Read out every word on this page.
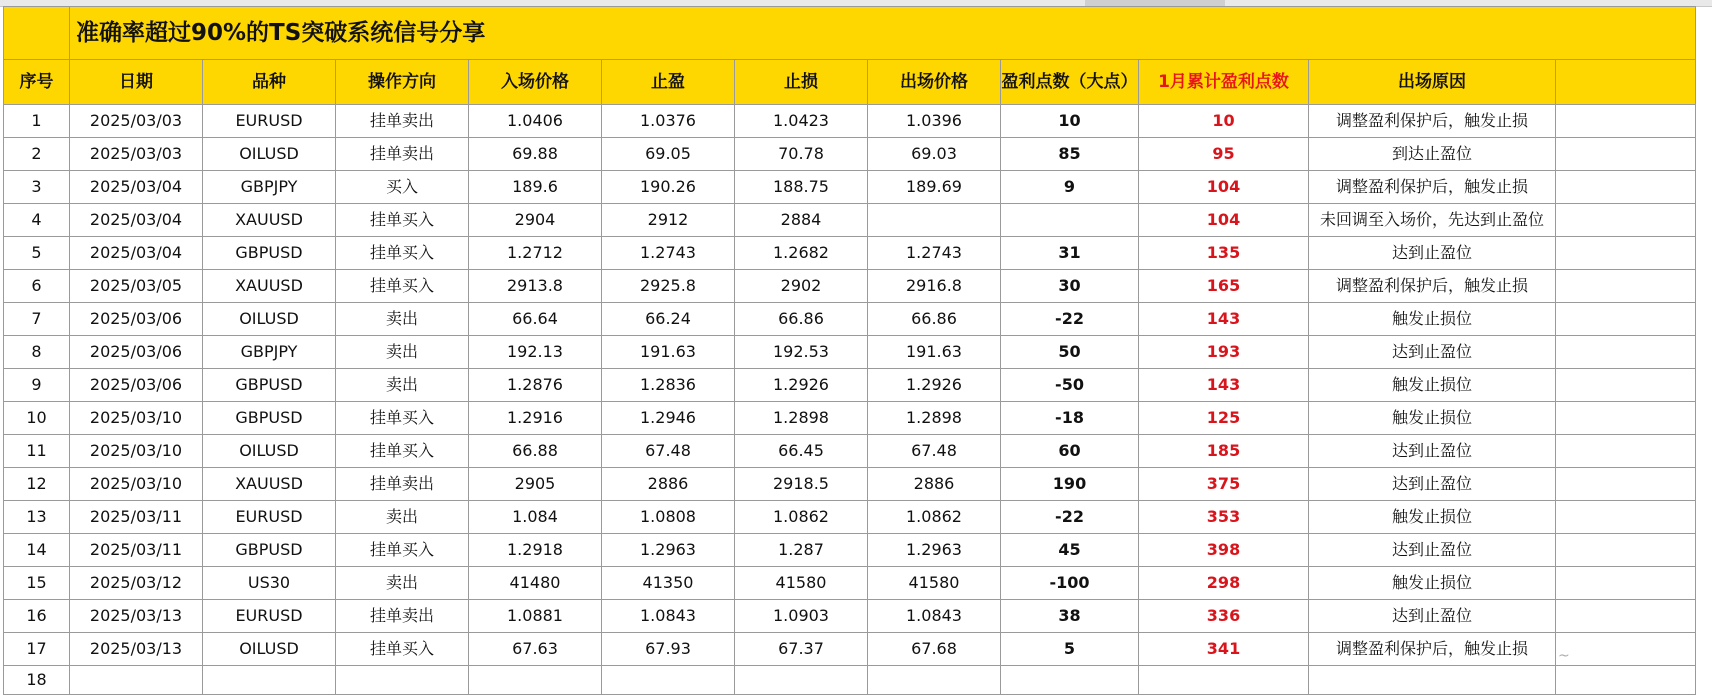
	准确率超过90%的TS突破系统信号分享										
序号	日期	品种	操作方向	入场价格	止盈	止损	出场价格	盈利点数（大点）	1月累计盈利点数	出场原因	
1	2025/03/03	EURUSD	挂单卖出	1.0406	1.0376	1.0423	1.0396	10	10	调整盈利保护后，触发止损	
2	2025/03/03	OILUSD	挂单卖出	69.88	69.05	70.78	69.03	85	95	到达止盈位	
3	2025/03/04	GBPJPY	买入	189.6	190.26	188.75	189.69	9	104	调整盈利保护后，触发止损	
4	2025/03/04	XAUUSD	挂单买入	2904	2912	2884			104	未回调至入场价，先达到止盈位	
5	2025/03/04	GBPUSD	挂单买入	1.2712	1.2743	1.2682	1.2743	31	135	达到止盈位	
6	2025/03/05	XAUUSD	挂单买入	2913.8	2925.8	2902	2916.8	30	165	调整盈利保护后，触发止损	
7	2025/03/06	OILUSD	卖出	66.64	66.24	66.86	66.86	-22	143	触发止损位	
8	2025/03/06	GBPJPY	卖出	192.13	191.63	192.53	191.63	50	193	达到止盈位	
9	2025/03/06	GBPUSD	卖出	1.2876	1.2836	1.2926	1.2926	-50	143	触发止损位	
10	2025/03/10	GBPUSD	挂单买入	1.2916	1.2946	1.2898	1.2898	-18	125	触发止损位	
11	2025/03/10	OILUSD	挂单买入	66.88	67.48	66.45	67.48	60	185	达到止盈位	
12	2025/03/10	XAUUSD	挂单卖出	2905	2886	2918.5	2886	190	375	达到止盈位	
13	2025/03/11	EURUSD	卖出	1.084	1.0808	1.0862	1.0862	-22	353	触发止损位	
14	2025/03/11	GBPUSD	挂单买入	1.2918	1.2963	1.287	1.2963	45	398	达到止盈位	
15	2025/03/12	US30	卖出	41480	41350	41580	41580	-100	298	触发止损位	
16	2025/03/13	EURUSD	挂单卖出	1.0881	1.0843	1.0903	1.0843	38	336	达到止盈位	
17	2025/03/13	OILUSD	挂单买入	67.63	67.93	67.37	67.68	5	341	调整盈利保护后，触发止损	
18											
~
